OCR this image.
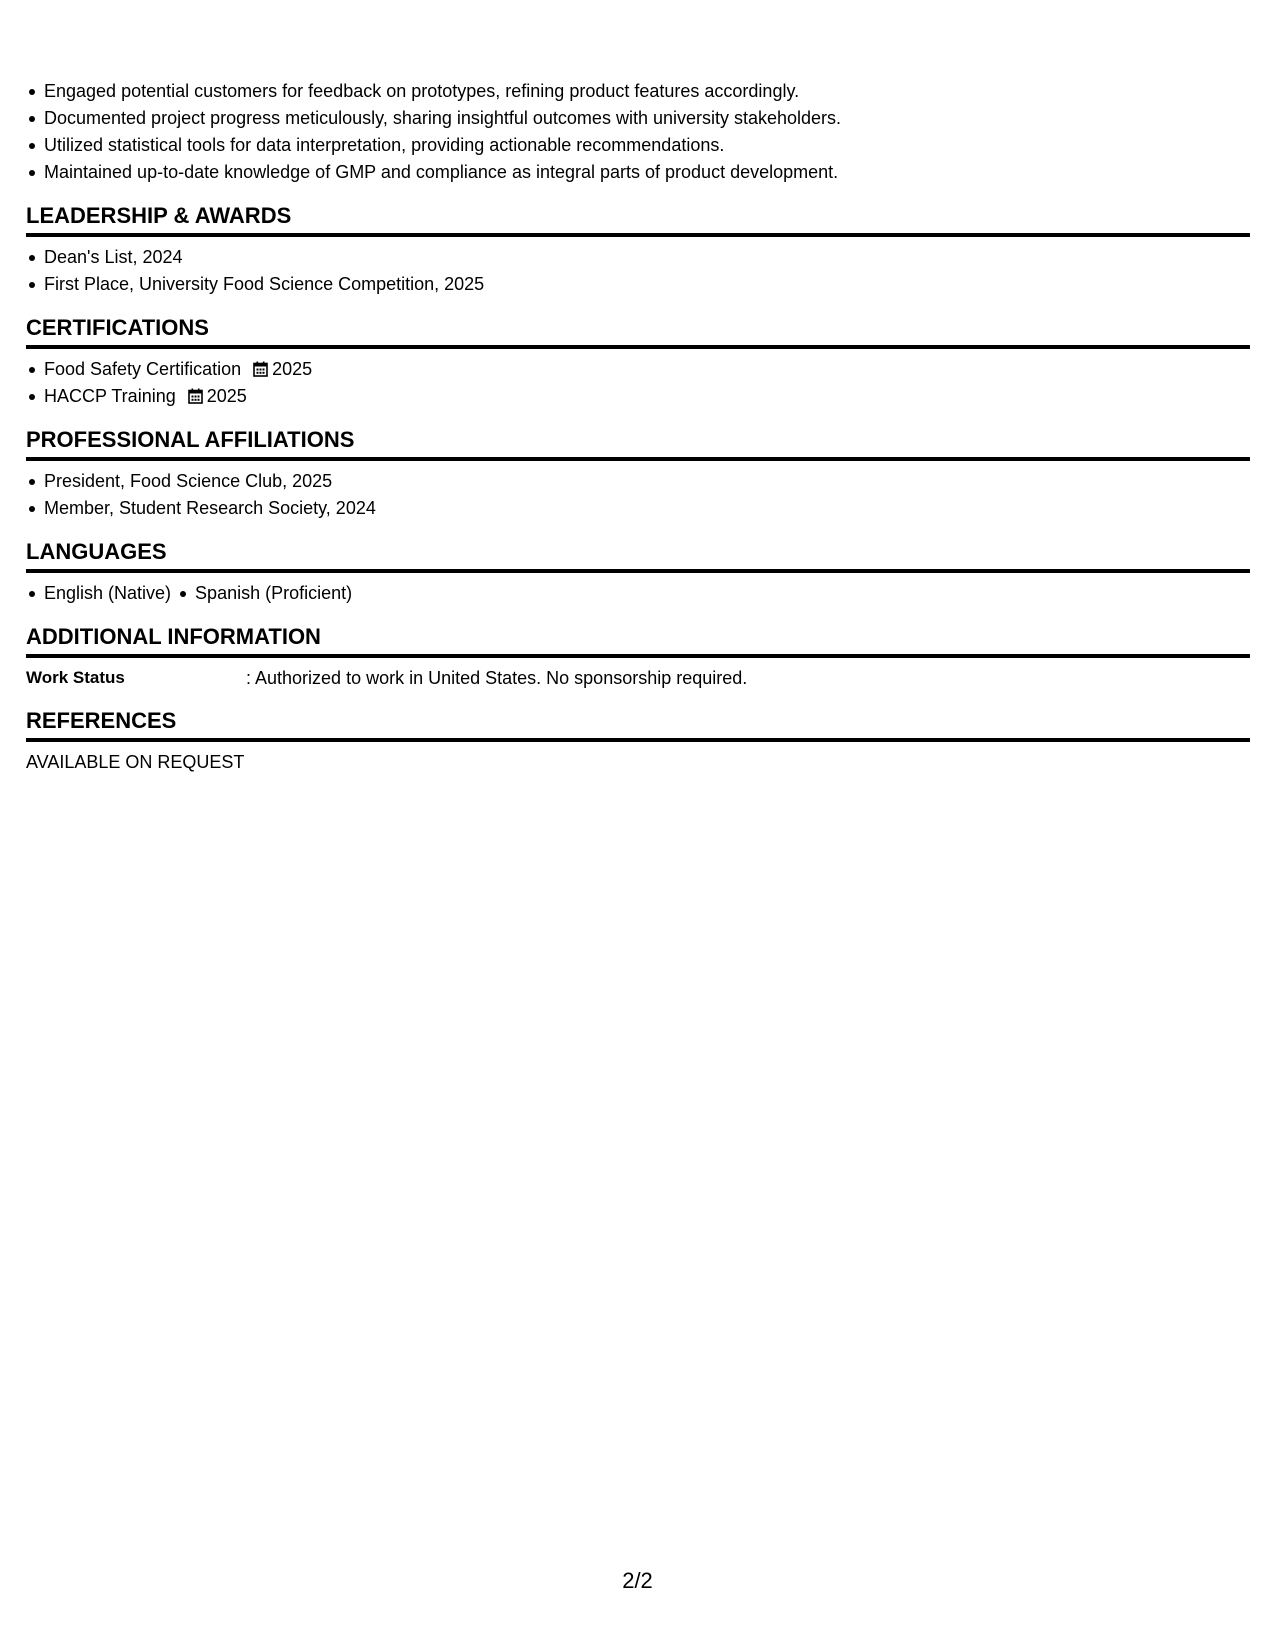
Engaged potential customers for feedback on prototypes, refining product features accordingly.
Documented project progress meticulously, sharing insightful outcomes with university stakeholders.
Utilized statistical tools for data interpretation, providing actionable recommendations.
Maintained up-to-date knowledge of GMP and compliance as integral parts of product development.
LEADERSHIP & AWARDS
Dean's List, 2024
First Place, University Food Science Competition, 2025
CERTIFICATIONS
Food Safety Certification 2025
HACCP Training 2025
PROFESSIONAL AFFILIATIONS
President, Food Science Club, 2025
Member, Student Research Society, 2024
LANGUAGES
English (Native) Spanish (Proficient)
ADDITIONAL INFORMATION
Work Status	: Authorized to work in United States. No sponsorship required.
REFERENCES
AVAILABLE ON REQUEST
2/2
